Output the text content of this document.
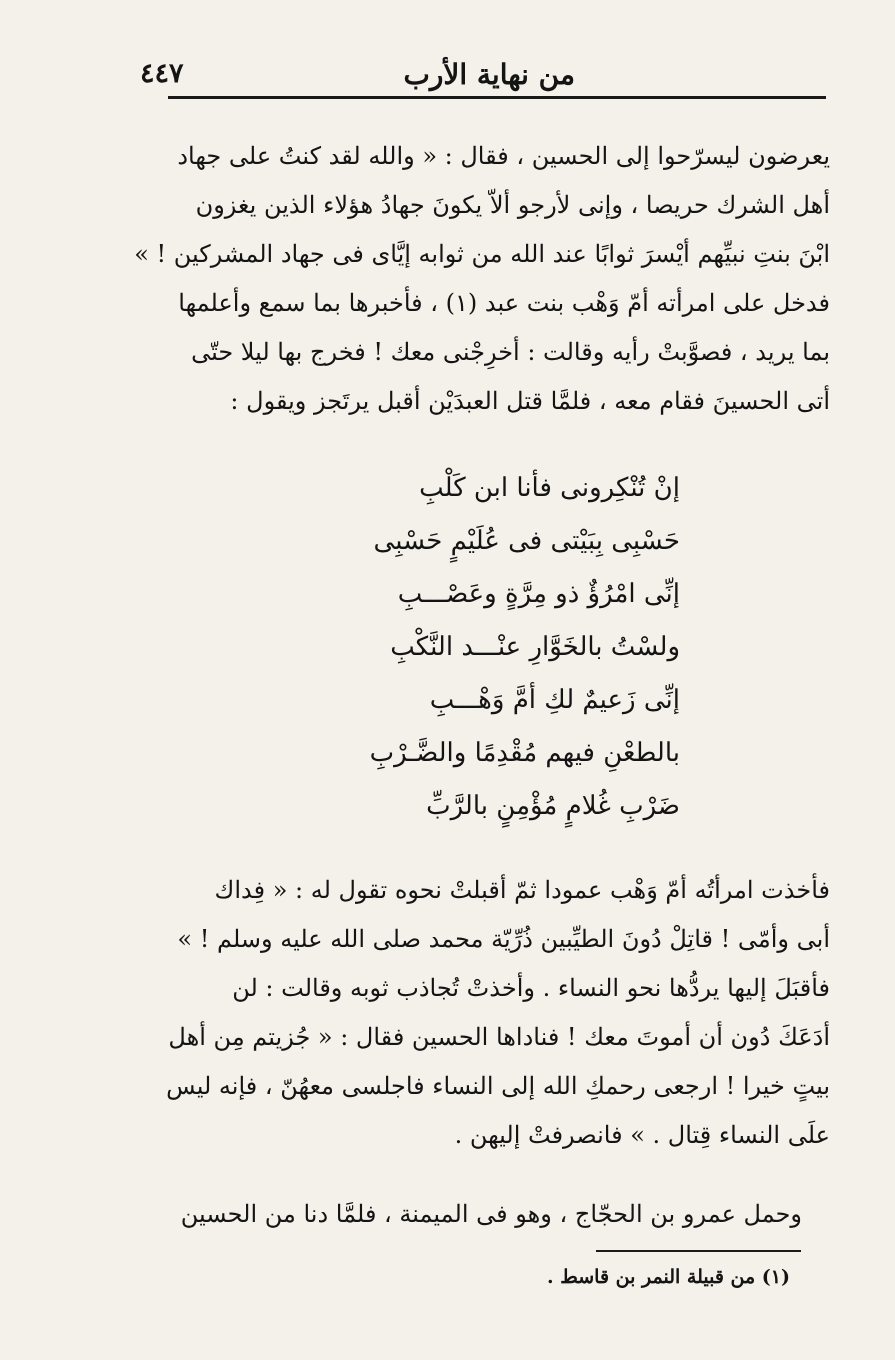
٤٤٧	من نهاية الأرب
يعرضون ليسرّحوا إلى الحسين ، فقال : « والله لقد كنتُ على جهاد
أهل الشرك حريصا ، وإنى لأرجو ألاّ يكونَ جهادُ هؤلاء الذين يغزون
ابْنَ بنتِ نبيِّهم أيْسرَ ثوابًا عند الله من ثوابه إيَّاى فى جهاد المشركين ! »
فدخل على امرأته أمّ وَهْب بنت عبد (١) ، فأخبرها بما سمع وأعلمها
بما يريد ، فصوَّبتْ رأيه وقالت : أخرِجْنى معك ! فخرج بها ليلا حتّى
أتى الحسينَ فقام معه ، فلمَّا قتل العبدَيْن أقبل يرتَجز ويقول :
إنْ تُنْكِرونى فأنا ابن كَلْبِ
حَسْبِى بِبَيْتى فى عُلَيْمٍ حَسْبِى
إنِّى امْرُؤٌ ذو مِرَّةٍ وعَصْـــبِ
ولسْتُ بالخَوَّارِ عنْـــد النَّكْبِ
إنِّى زَعيمٌ لكِ أمَّ وَهْـــبِ
بالطعْنِ فيهم مُقْدِمًا والضَّـرْبِ
ضَرْبِ غُلامٍ مُؤْمِنٍ بالرَّبِّ
فأخذت امرأتُه أمّ وَهْب عمودا ثمّ أقبلتْ نحوه تقول له : « فِداك
أبى وأمّى ! قاتِلْ دُونَ الطيِّبين ذُرِّيّة محمد صلى الله عليه وسلم ! »
فأقبَلَ إليها يردُّها نحو النساء . وأخذتْ تُجاذب ثوبه وقالت : لن
أدَعَكَ دُون أن أموتَ معك ! فناداها الحسين فقال : « جُزيتم مِن أهل
بيتٍ خيرا ! ارجعى رحمكِ الله إلى النساء فاجلسى معهُنّ ، فإنه ليس
علَى النساء قِتال . » فانصرفتْ إليهن .
وحمل عمرو بن الحجّاج ، وهو فى الميمنة ، فلمَّا دنا من الحسين
(١) من قبيلة النمر بن قاسط .
